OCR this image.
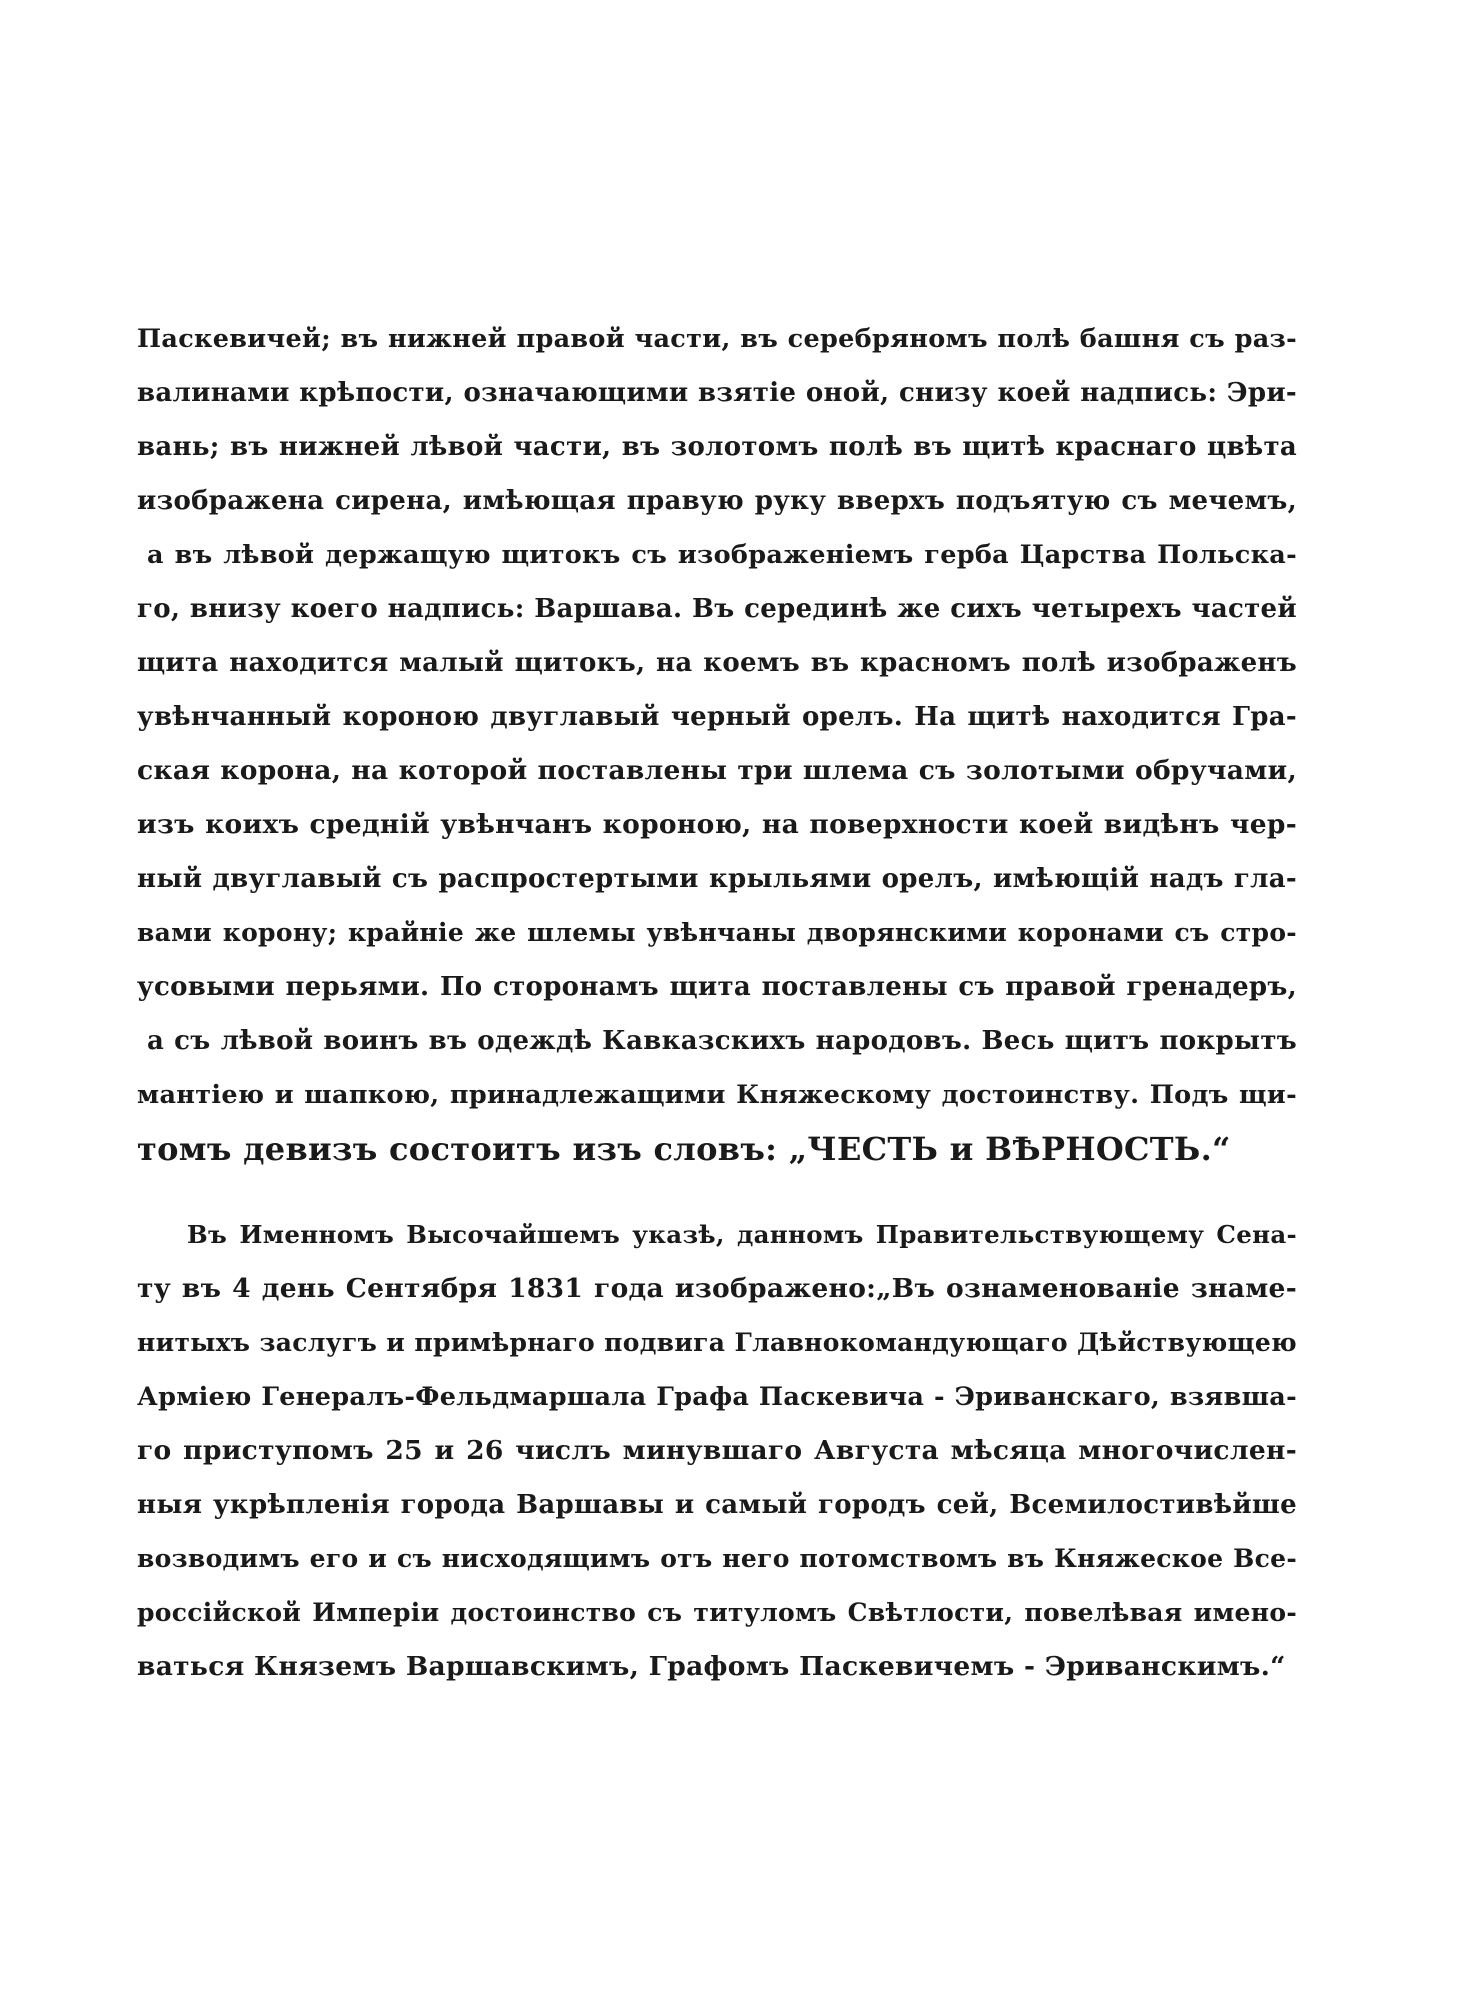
Паскевичей; въ нижней правой части, въ серебряномъ полѣ башня съ раз-
валинами крѣпости, означающими взятіе оной, снизу коей надпись: Эри-
вань; въ нижней лѣвой части, въ золотомъ полѣ въ щитѣ краснаго цвѣта
изображена сирена, имѣющая правую руку вверхъ подъятую съ мечемъ,
а въ лѣвой держащую щитокъ съ изображеніемъ герба Царства Польска-
го, внизу коего надпись: Варшава. Въ серединѣ же сихъ четырехъ частей
щита находится малый щитокъ, на коемъ въ красномъ полѣ изображенъ
увѣнчанный короною двуглавый черный орелъ. На щитѣ находится Гра-
ская корона, на которой поставлены три шлема съ золотыми обручами,
изъ коихъ средній увѣнчанъ короною, на поверхности коей видѣнъ чер-
ный двуглавый съ распростертыми крыльями орелъ, имѣющій надъ гла-
вами корону; крайніе же шлемы увѣнчаны дворянскими коронами съ стро-
усовыми перьями. По сторонамъ щита поставлены съ правой гренадеръ,
а съ лѣвой воинъ въ одеждѣ Кавказскихъ народовъ. Весь щитъ покрытъ
мантіею и шапкою, принадлежащими Княжескому достоинству. Подъ щи-
томъ девизъ состоитъ изъ словъ: „ЧЕСТЬ и ВѢРНОСТЬ.“
Въ Именномъ Высочайшемъ указѣ, данномъ Правительствующему Сена-
ту въ 4 день Сентября 1831 года изображено:„Въ ознаменованіе знаме-
нитыхъ заслугъ и примѣрнаго подвига Главнокомандующаго Дѣйствующею
Арміею Генералъ-Фельдмаршала Графа Паскевича - Эриванскаго, взявша-
го приступомъ 25 и 26 числъ минувшаго Августа мѣсяца многочислен-
ныя укрѣпленія города Варшавы и самый городъ сей, Всемилостивѣйше
возводимъ его и съ нисходящимъ отъ него потомствомъ въ Княжеское Все-
россійской Имперіи достоинство съ титуломъ Свѣтлости, повелѣвая имено-
ваться Княземъ Варшавскимъ, Графомъ Паскевичемъ - Эриванскимъ.“
